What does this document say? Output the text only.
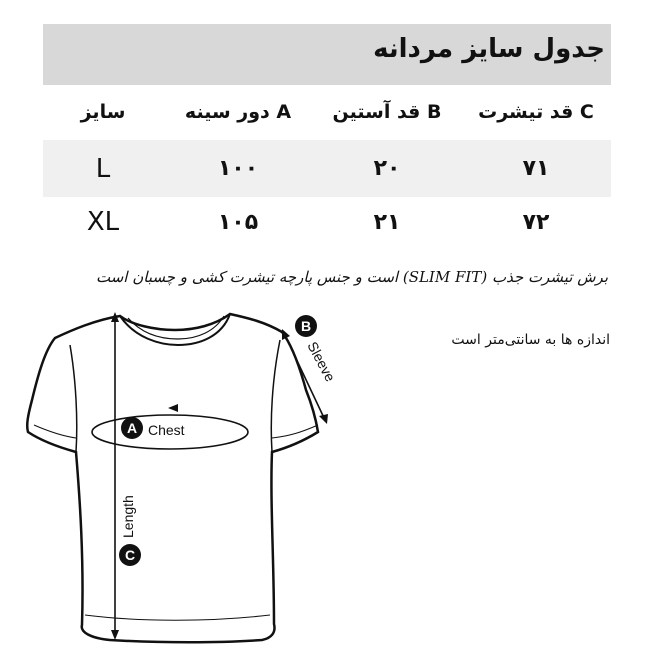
جدول سایز مردانه
سایز	A دور سینه	B قد آستین	C قد تیشرت
L	۱۰۰	۲۰	۷۱
XL	۱۰۵	۲۱	۷۲
برش تیشرت جذب (SLIM FIT) است و جنس پارچه تیشرت کشی و چسبان است
اندازه ها به سانتی‌متر است
A Chest
B
Sleeve
C
Length
